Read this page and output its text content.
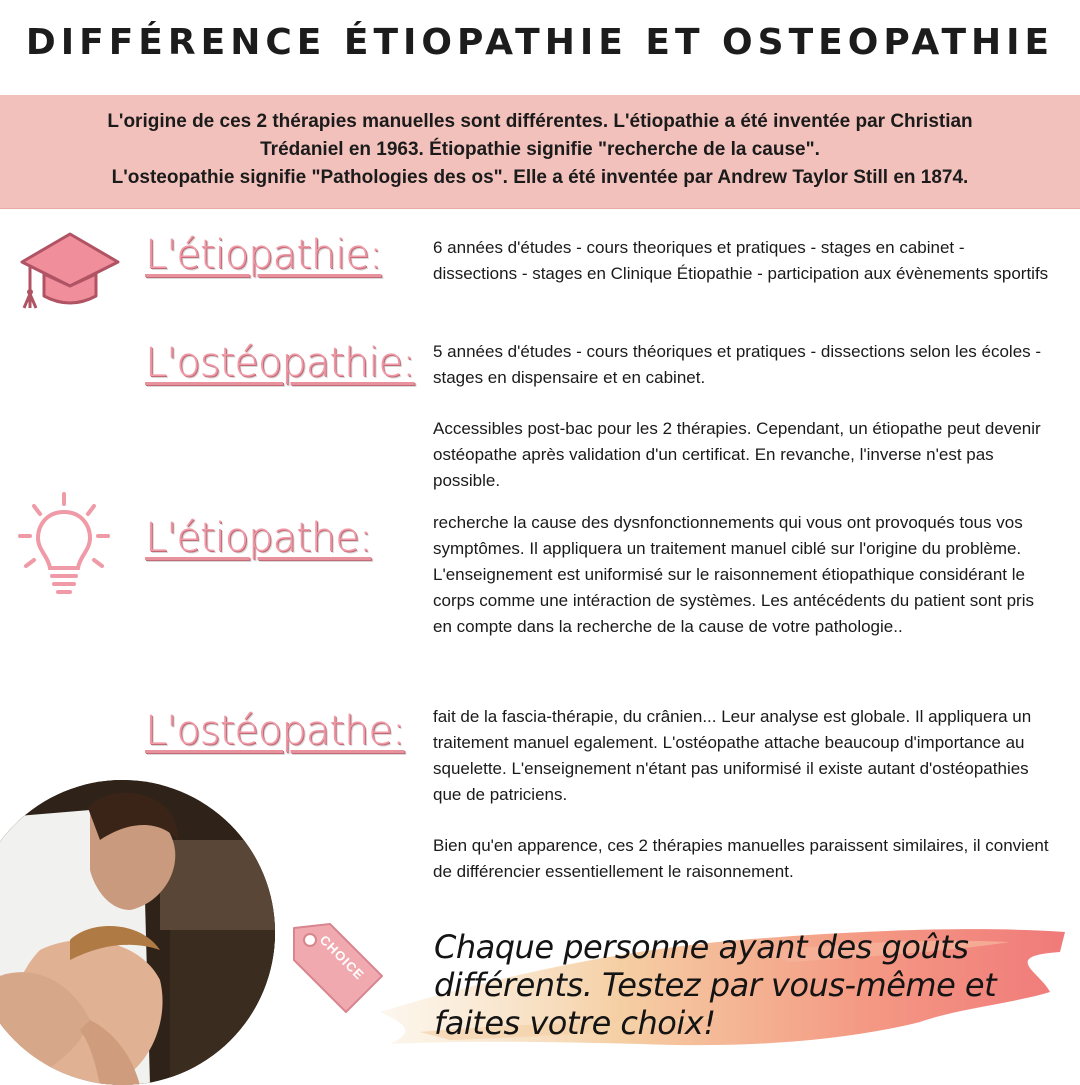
DIFFÉRENCE ÉTIOPATHIE ET OSTEOPATHIE

L'origine de ces 2 thérapies manuelles sont différentes. L'étiopathie a été inventée par Christian
Trédaniel en 1963. Étiopathie signifie "recherche de la cause".
L'osteopathie signifie "Pathologies des os". Elle a été inventée par Andrew Taylor Still en 1874.

L'étiopathie:	6 années d'études - cours theoriques et pratiques - stages en cabinet - dissections - stages en Clinique Étiopathie - participation aux évènements sportifs

L'ostéopathie: 5 années d'études - cours théoriques et pratiques - dissections selon les écoles - stages en dispensaire et en cabinet.

Accessibles post-bac pour les 2 thérapies. Cependant, un étiopathe peut devenir ostéopathe après validation d'un certificat. En revanche, l'inverse n'est pas possible.

L'étiopathe:	recherche la cause des dysnfonctionnements qui vous ont provoqués tous vos symptômes. Il appliquera un traitement manuel ciblé sur l'origine du problème. L'enseignement est uniformisé sur le raisonnement étiopathique considérant le corps comme une intéraction de systèmes. Les antécédents du patient sont pris en compte dans la recherche de la cause de votre pathologie..

L'ostéopathe: fait de la fascia-thérapie, du crânien... Leur analyse est globale. Il appliquera un traitement manuel egalement. L'ostéopathe attache beaucoup d'importance au squelette. L'enseignement n'étant pas uniformisé il existe autant d'ostéopathies que de patriciens.

Bien qu'en apparence, ces 2 thérapies manuelles paraissent similaires, il convient de différencier essentiellement le raisonnement.

CHOICE Chaque personne ayant des goûts différents. Testez par vous-même et faites votre choix!
